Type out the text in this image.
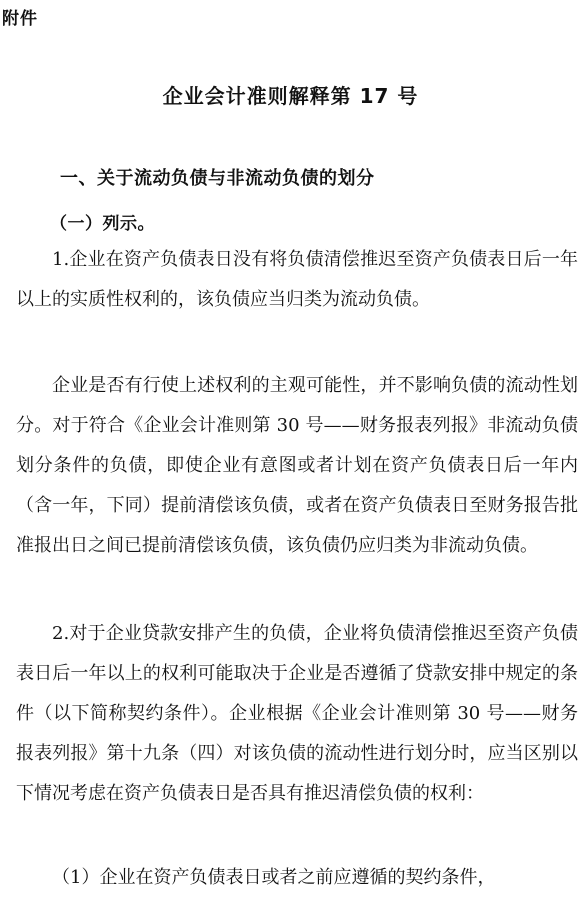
附件
企业会计准则解释第 17 号
一、关于流动负债与非流动负债的划分
（一）列示。

1.企业在资产负债表日没有将负债清偿推迟至资产负债表日后一年以上的实质性权利的，该负债应当归类为流动负债。

企业是否有行使上述权利的主观可能性，并不影响负债的流动性划分。对于符合《企业会计准则第 30 号——财务报表列报》非流动负债划分条件的负债，即使企业有意图或者计划在资产负债表日后一年内（含一年，下同）提前清偿该负债，或者在资产负债表日至财务报告批准报出日之间已提前清偿该负债，该负债仍应归类为非流动负债。

2.对于企业贷款安排产生的负债，企业将负债清偿推迟至资产负债表日后一年以上的权利可能取决于企业是否遵循了贷款安排中规定的条件（以下简称契约条件）。企业根据《企业会计准则第 30 号——财务报表列报》第十九条（四）对该负债的流动性进行划分时，应当区别以下情况考虑在资产负债表日是否具有推迟清偿负债的权利：

（1）企业在资产负债表日或者之前应遵循的契约条件，
